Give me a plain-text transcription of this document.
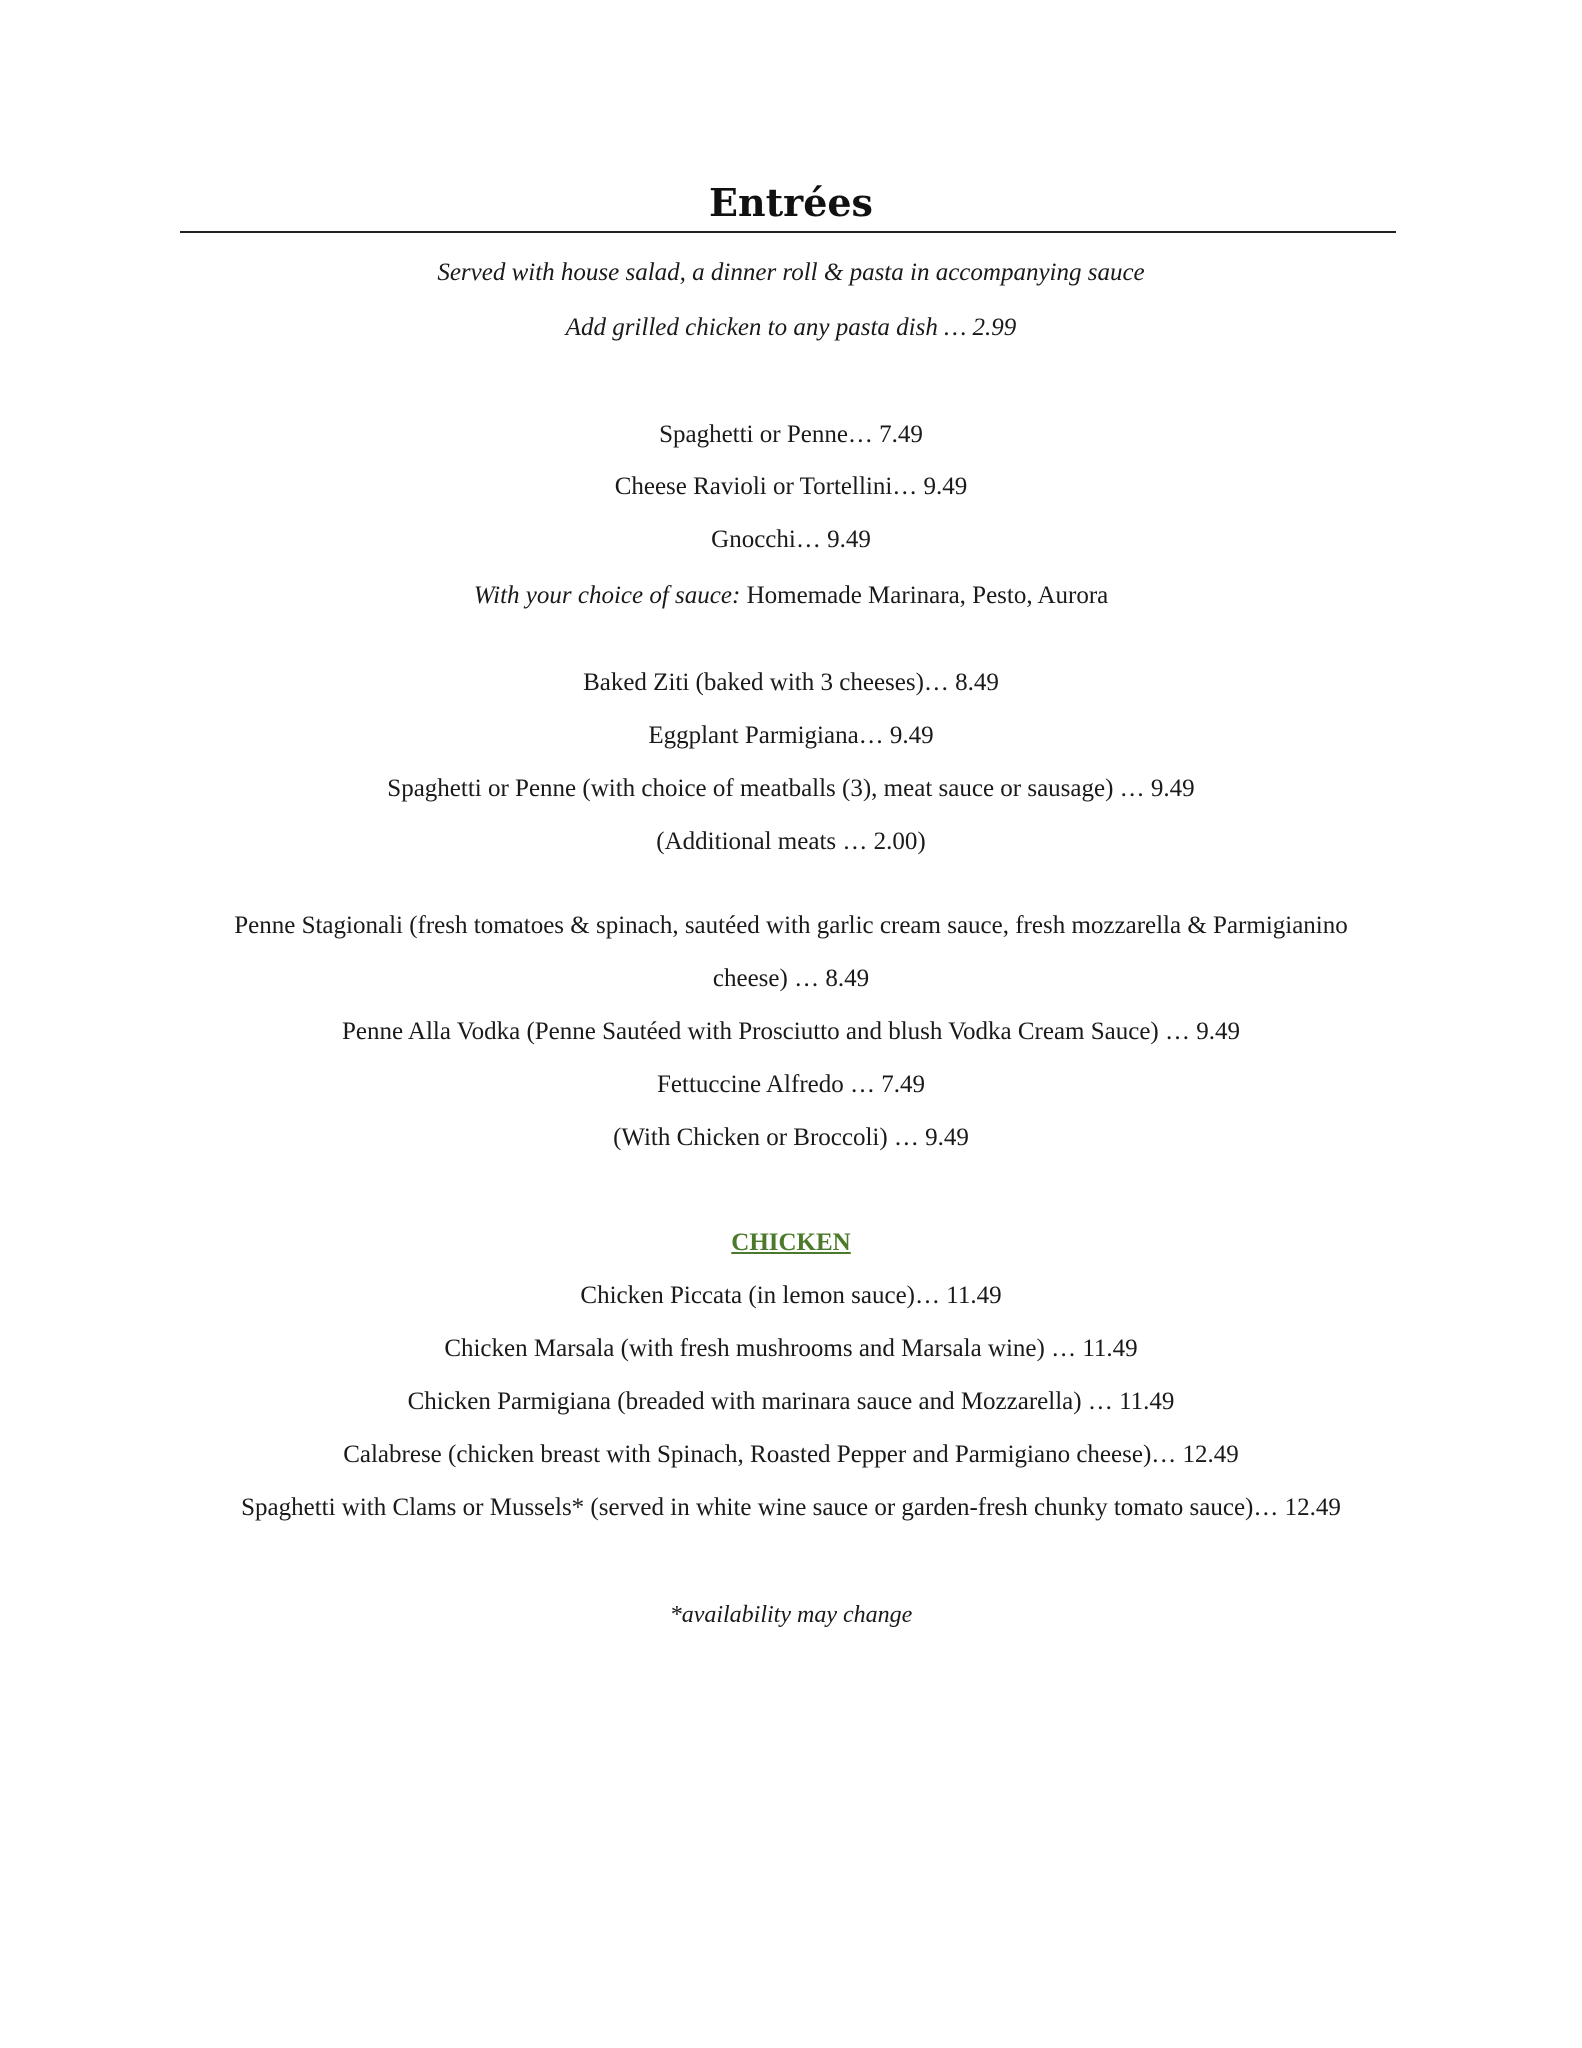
Entrées
Served with house salad, a dinner roll & pasta in accompanying sauce
Add grilled chicken to any pasta dish … 2.99
Spaghetti or Penne… 7.49
Cheese Ravioli or Tortellini… 9.49
Gnocchi… 9.49
With your choice of sauce: Homemade Marinara, Pesto, Aurora
Baked Ziti (baked with 3 cheeses)… 8.49
Eggplant Parmigiana… 9.49
Spaghetti or Penne (with choice of meatballs (3), meat sauce or sausage) … 9.49
(Additional meats … 2.00)
Penne Stagionali (fresh tomatoes & spinach, sautéed with garlic cream sauce, fresh mozzarella & Parmigianino
cheese) … 8.49
Penne Alla Vodka (Penne Sautéed with Prosciutto and blush Vodka Cream Sauce) … 9.49
Fettuccine Alfredo … 7.49
(With Chicken or Broccoli) … 9.49
CHICKEN
Chicken Piccata (in lemon sauce)… 11.49
Chicken Marsala (with fresh mushrooms and Marsala wine) … 11.49
Chicken Parmigiana (breaded with marinara sauce and Mozzarella) … 11.49
Calabrese (chicken breast with Spinach, Roasted Pepper and Parmigiano cheese)… 12.49
Spaghetti with Clams or Mussels* (served in white wine sauce or garden-fresh chunky tomato sauce)… 12.49
*availability may change
